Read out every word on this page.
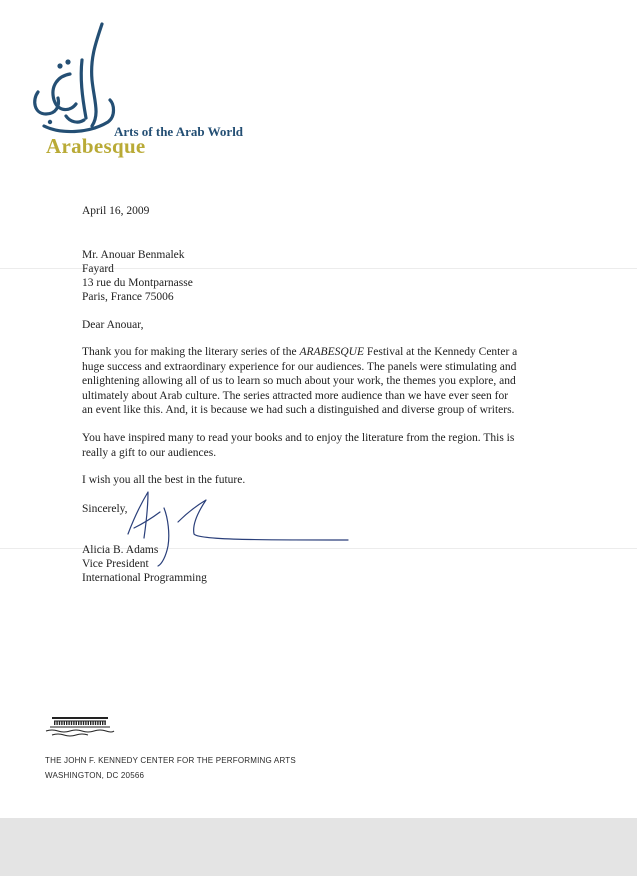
Arts of the Arab World
Arabesque
April 16, 2009
Mr. Anouar Benmalek
Fayard
13 rue du Montparnasse
Paris, France 75006
Dear Anouar,
Thank you for making the literary series of the ARABESQUE Festival at the Kennedy Center a
huge success and extraordinary experience for our audiences. The panels were stimulating and
enlightening allowing all of us to learn so much about your work, the themes you explore, and
ultimately about Arab culture. The series attracted more audience than we have ever seen for
an event like this. And, it is because we had such a distinguished and diverse group of writers.
You have inspired many to read your books and to enjoy the literature from the region. This is
really a gift to our audiences.
I wish you all the best in the future.
Sincerely,
Alicia B. Adams
Vice President
International Programming
THE JOHN F. KENNEDY CENTER FOR THE PERFORMING ARTS
WASHINGTON, DC 20566
